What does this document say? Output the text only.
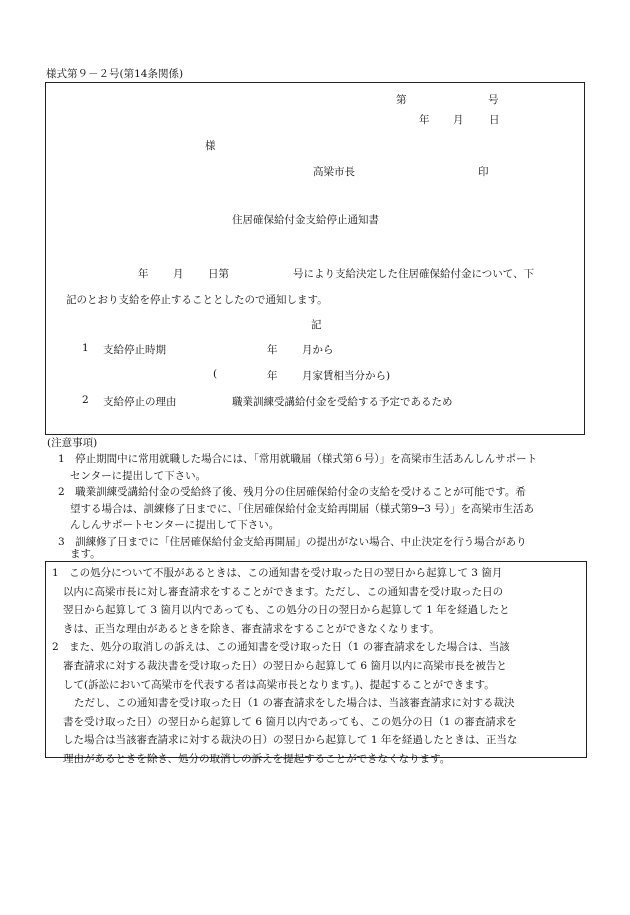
様式第９－２号(第14条関係)
第	号
年 月 日
様
高梁市長	印
住居確保給付金支給停止通知書
年 月 日第	号により支給決定した住居確保給付金について、下
記のとおり支給を停止することとしたので通知します。
記
1 支給停止時期	年 月から
(	年 月家賃相当分から)
2 支給停止の理由	職業訓練受講給付金を受給する予定であるため
(注意事項)
1　停止期間中に常用就職した場合には、「常用就職届（様式第６号）」を高梁市生活あんしんサポート
センターに提出して下さい。
2　職業訓練受講給付金の受給終了後、残月分の住居確保給付金の支給を受けることが可能です。希
望する場合は、訓練修了日までに、「住居確保給付金支給再開届（様式第9─3 号）」を高梁市生活あ
んしんサポートセンターに提出して下さい。
3　訓練修了日までに「住居確保給付金支給再開届」の提出がない場合、中止決定を行う場合があり
ます。
1　この処分について不服があるときは、この通知書を受け取った日の翌日から起算して 3 箇月
以内に高梁市長に対し審査請求をすることができます。ただし、この通知書を受け取った日の
翌日から起算して 3 箇月以内であっても、この処分の日の翌日から起算して 1 年を経過したと
きは、正当な理由があるときを除き、審査請求をすることができなくなります。
2　また、処分の取消しの訴えは、この通知書を受け取った日（1 の審査請求をした場合は、当該
審査請求に対する裁決書を受け取った日）の翌日から起算して 6 箇月以内に高梁市長を被告と
して(訴訟において高梁市を代表する者は高梁市長となります。)、提起することができます。
ただし、この通知書を受け取った日（1 の審査請求をした場合は、当該審査請求に対する裁決
書を受け取った日）の翌日から起算して 6 箇月以内であっても、この処分の日（1 の審査請求を
した場合は当該審査請求に対する裁決の日）の翌日から起算して 1 年を経過したときは、正当な
理由があるときを除き、処分の取消しの訴えを提起することができなくなります。
